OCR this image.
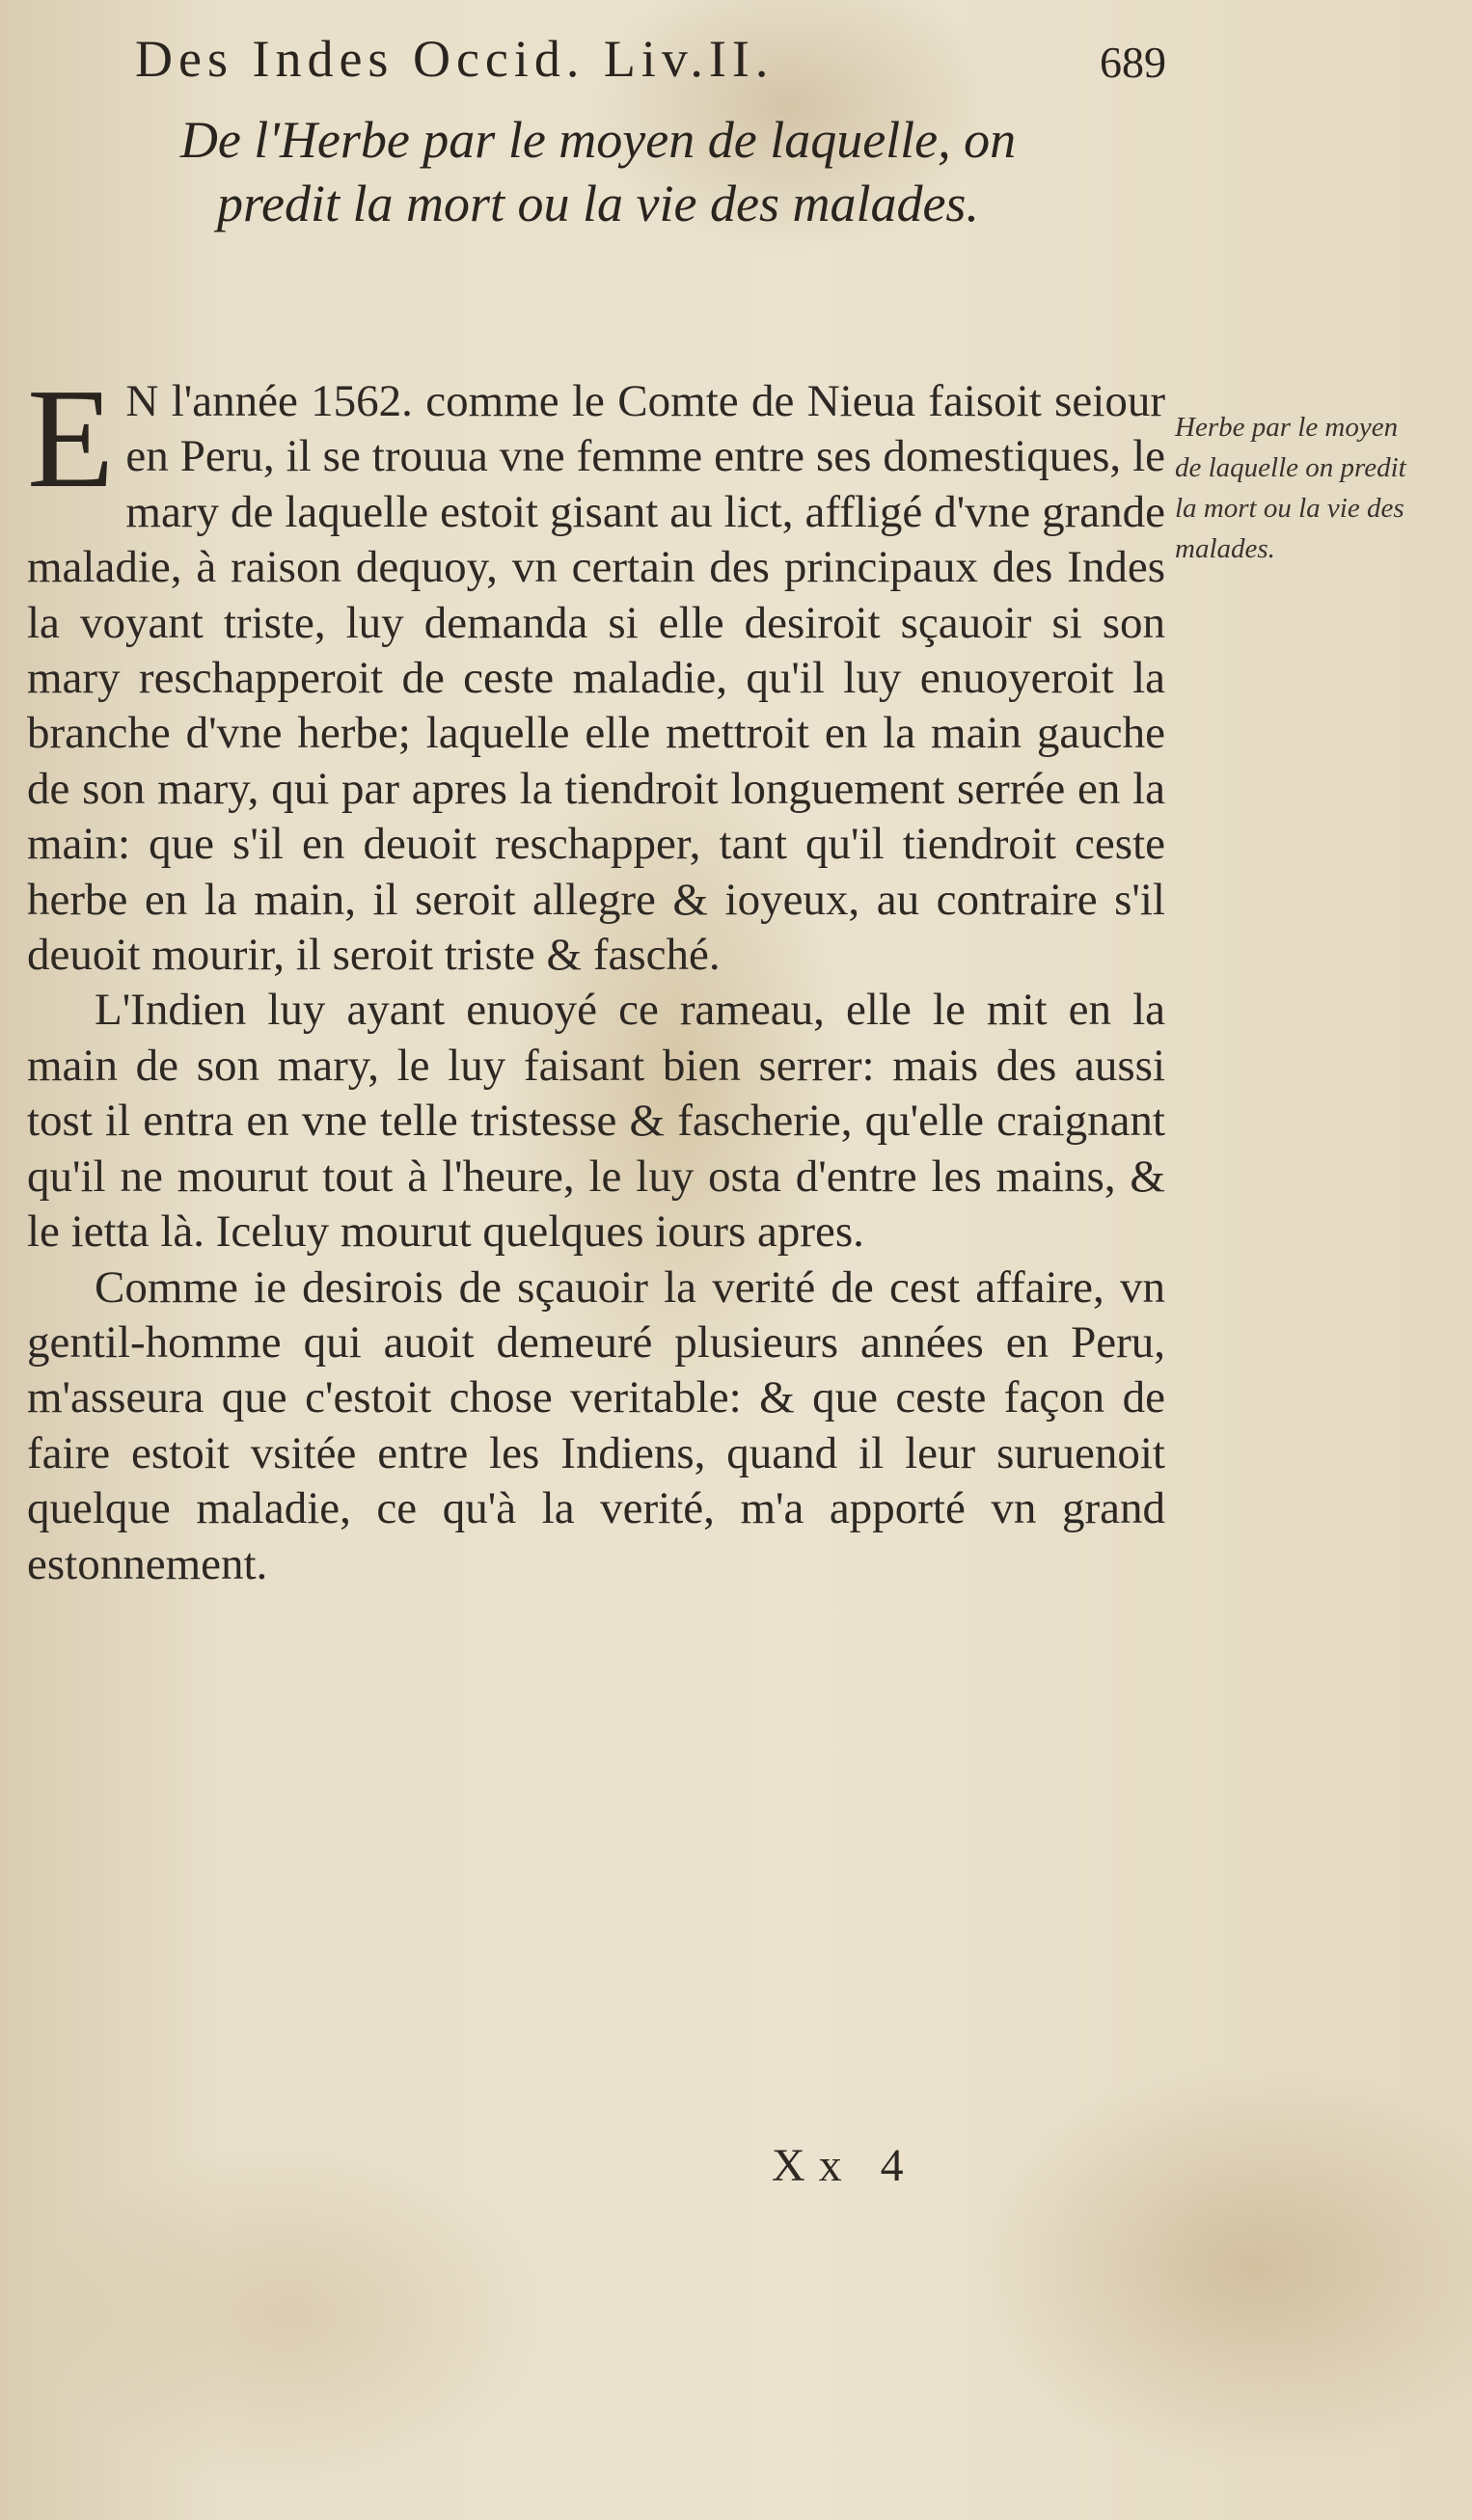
Des Indes Occid. Liv.II.	689
De l'Herbe par le moyen de laquelle, on predit la mort ou la vie des malades.

E N l'année 1562. comme le Comte de Nieua faisoit seiour en Peru, il se trouua vne femme entre ses domestiques, le mary de laquelle estoit gisant au lict, affligé d'vne grande maladie, à raison dequoy, vn certain des principaux des Indes la voyant triste, luy demanda si elle desiroit sçauoir si son mary reschapperoit de ceste maladie, qu'il luy enuoyeroit la branche d'vne herbe; laquelle elle mettroit en la main gauche de son mary, qui par apres la tiendroit longuement serrée en la main: que s'il en deuoit reschapper, tant qu'il tiendroit ceste herbe en la main, il seroit allegre & ioyeux, au contraire s'il deuoit mourir, il seroit triste & fasché.

L'Indien luy ayant enuoyé ce rameau, elle le mit en la main de son mary, le luy faisant bien serrer: mais des aussi tost il entra en vne telle tristesse & fascherie, qu'elle craignant qu'il ne mourut tout à l'heure, le luy osta d'entre les mains, & le ietta là. Iceluy mourut quelques iours apres.

Comme ie desirois de sçauoir la verité de cest affaire, vn gentil-homme qui auoit demeuré plusieurs années en Peru, m'asseura que c'estoit chose veritable: & que ceste façon de faire estoit vsitée entre les Indiens, quand il leur suruenoit quelque maladie, ce qu'à la verité, m'a apporté vn grand estonnement.

Herbe par le moyen de laquelle on predit la mort ou la vie des malades.
Xx 4
